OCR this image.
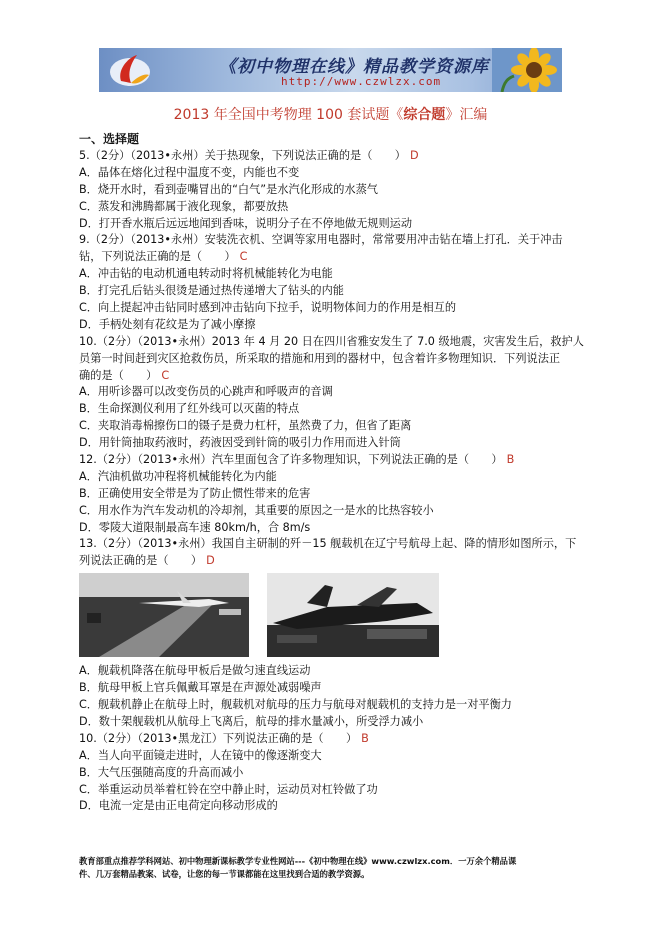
《初中物理在线》精品教学资源库
http://www.czwlzx.com
2013 年全国中考物理 100 套试题《综合题》汇编
一、选择题
5.（2分）（2013•永州）关于热现象，下列说法正确的是（　　） D
A．晶体在熔化过程中温度不变，内能也不变
B．烧开水时，看到壶嘴冒出的“白气”是水汽化形成的水蒸气
C．蒸发和沸腾都属于液化现象，都要放热
D．打开香水瓶后远远地闻到香味，说明分子在不停地做无规则运动
9.（2分）（2013•永州）安装洗衣机、空调等家用电器时，常常要用冲击钻在墙上打孔．关于冲击
钻，下列说法正确的是（　　） C
A．冲击钻的电动机通电转动时将机械能转化为电能
B．打完孔后钻头很烫是通过热传递增大了钻头的内能
C．向上提起冲击钻同时感到冲击钻向下拉手，说明物体间力的作用是相互的
D．手柄处刻有花纹是为了减小摩擦
10.（2分）（2013•永州）2013 年 4 月 20 日在四川省雅安发生了 7.0 级地震，灾害发生后，救护人
员第一时间赶到灾区抢救伤员，所采取的措施和用到的器材中，包含着许多物理知识．下列说法正
确的是（　　） C
A．用听诊器可以改变伤员的心跳声和呼吸声的音调
B．生命探测仪利用了红外线可以灭菌的特点
C．夹取消毒棉擦伤口的镊子是费力杠杆，虽然费了力，但省了距离
D．用针筒抽取药液时，药液因受到针筒的吸引力作用而进入针筒
12.（2分）（2013•永州）汽车里面包含了许多物理知识，下列说法正确的是（　　） B
A．汽油机做功冲程将机械能转化为内能
B．正确使用安全带是为了防止惯性带来的危害
C．用水作为汽车发动机的冷却剂，其重要的原因之一是水的比热容较小
D．零陵大道限制最高车速 80km/h，合 8m/s
13.（2分）（2013•永州）我国自主研制的歼－15 舰载机在辽宁号航母上起、降的情形如图所示，下
列说法正确的是（　　） D
A．舰载机降落在航母甲板后是做匀速直线运动
B．航母甲板上官兵佩戴耳罩是在声源处减弱噪声
C．舰载机静止在航母上时，舰载机对航母的压力与航母对舰载机的支持力是一对平衡力
D．数十架舰载机从航母上飞离后，航母的排水量减小，所受浮力减小
10.（2分）（2013•黑龙江）下列说法正确的是（　　） B
A．当人向平面镜走进时，人在镜中的像逐渐变大
B．大气压强随高度的升高而减小
C．举重运动员举着杠铃在空中静止时，运动员对杠铃做了功
D．电流一定是由正电荷定向移动形成的
教育部重点推荐学科网站、初中物理新课标教学专业性网站---《初中物理在线》www.czwlzx.com．一万余个精品课
件、几万套精品教案、试卷，让您的每一节课都能在这里找到合适的教学资源。
